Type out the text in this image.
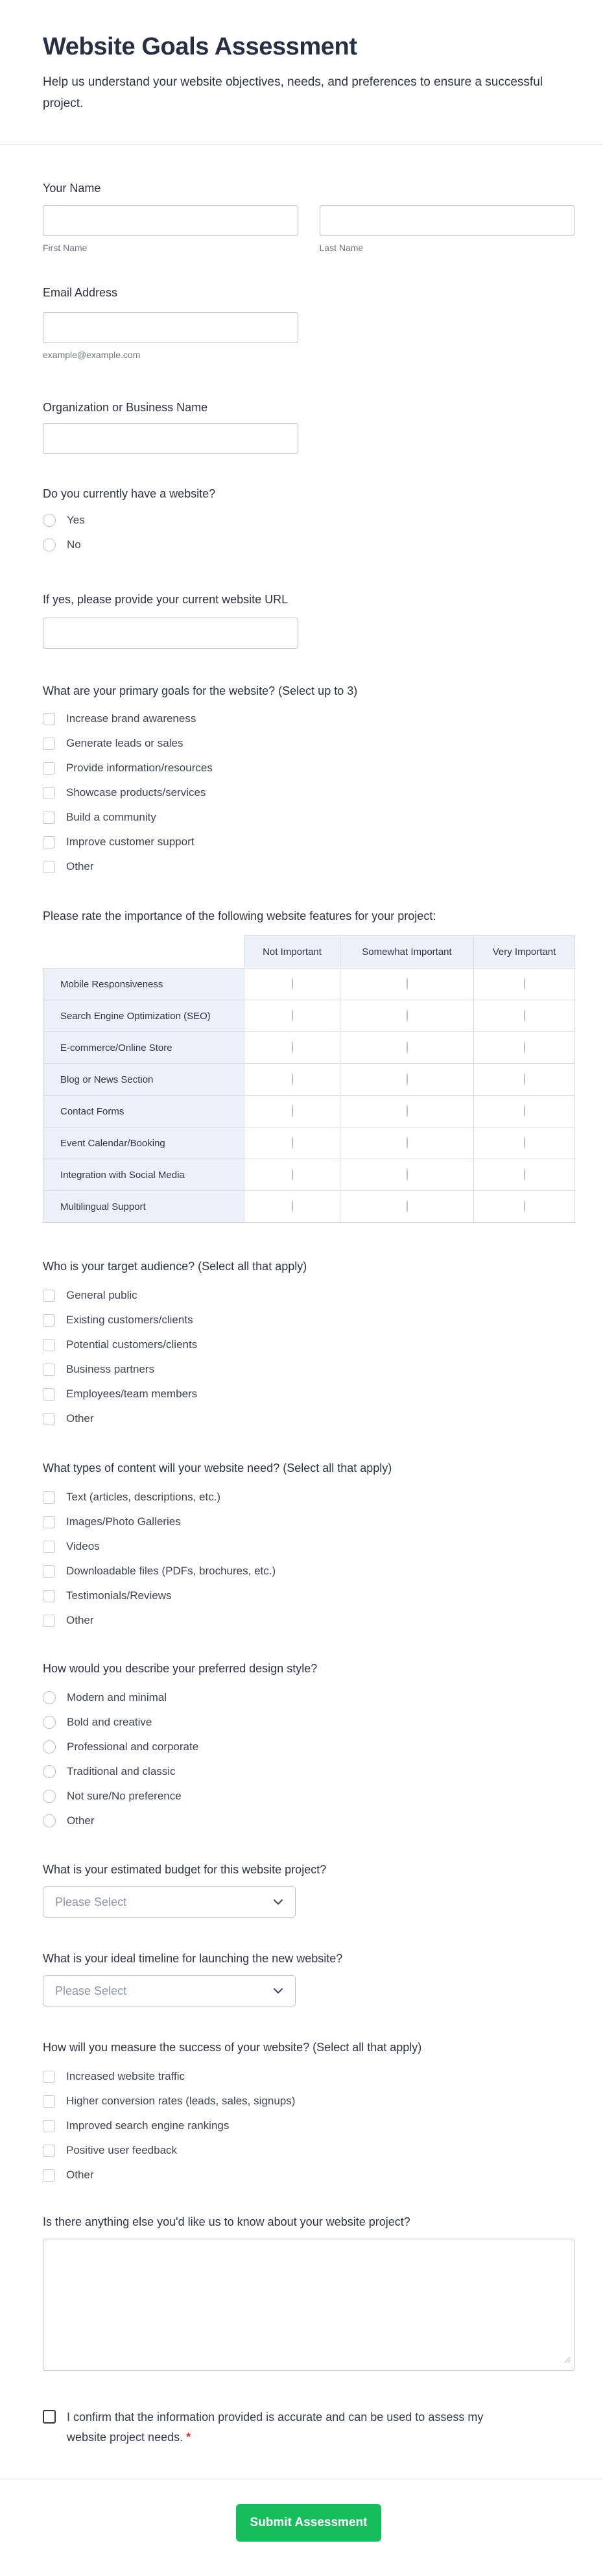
Website Goals Assessment

Help us understand your website objectives, needs, and preferences to ensure a successful project.

Your Name
First Name	Last Name
Email Address
example@example.com
Organization or Business Name
Do you currently have a website?
Yes
No
If yes, please provide your current website URL
What are your primary goals for the website? (Select up to 3)
Increase brand awareness
Generate leads or sales
Provide information/resources
Showcase products/services
Build a community
Improve customer support
Other
Please rate the importance of the following website features for your project:
	Not Important	Somewhat Important	Very Important
Mobile Responsiveness			
Search Engine Optimization (SEO)			
E-commerce/Online Store			
Blog or News Section			
Contact Forms			
Event Calendar/Booking			
Integration with Social Media			
Multilingual Support			
Who is your target audience? (Select all that apply)
General public
Existing customers/clients
Potential customers/clients
Business partners
Employees/team members
Other
What types of content will your website need? (Select all that apply)
Text (articles, descriptions, etc.)
Images/Photo Galleries
Videos
Downloadable files (PDFs, brochures, etc.)
Testimonials/Reviews
Other
How would you describe your preferred design style?
Modern and minimal
Bold and creative
Professional and corporate
Traditional and classic
Not sure/No preference
Other
What is your estimated budget for this website project?
Please Select
What is your ideal timeline for launching the new website?
Please Select
How will you measure the success of your website? (Select all that apply)
Increased website traffic
Higher conversion rates (leads, sales, signups)
Improved search engine rankings
Positive user feedback
Other
Is there anything else you'd like us to know about your website project?
I confirm that the information provided is accurate and can be used to assess my website project needs. *
Submit Assessment
